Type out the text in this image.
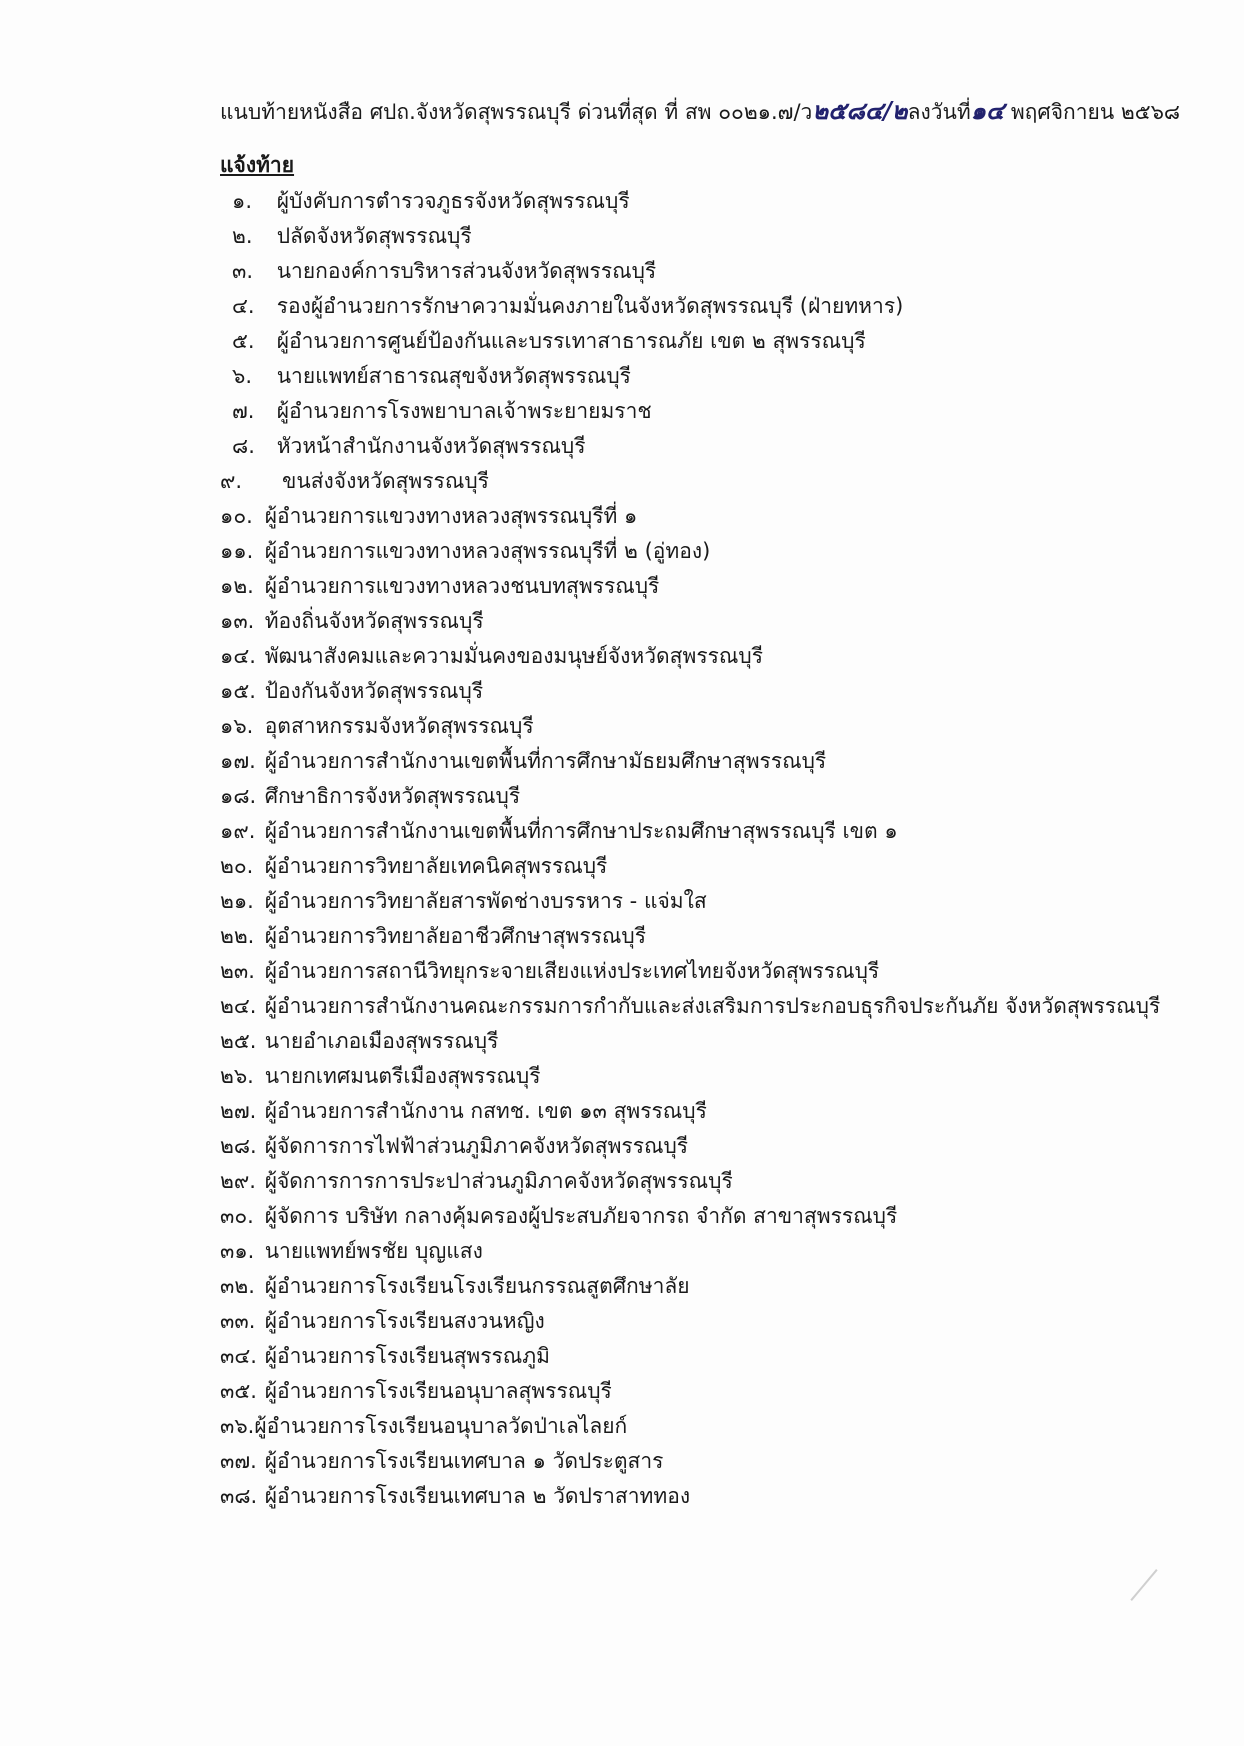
แนบท้ายหนังสือ ศปถ.จังหวัดสุพรรณบุรี ด่วนที่สุด ที่ สพ ๐๐๒๑.๗/ว๒๕๘๔/๒ลงวันที่๑๔ พฤศจิกายน ๒๕๖๘
แจ้งท้าย
๑. ผู้บังคับการตำรวจภูธรจังหวัดสุพรรณบุรี
๒. ปลัดจังหวัดสุพรรณบุรี
๓. นายกองค์การบริหารส่วนจังหวัดสุพรรณบุรี
๔. รองผู้อำนวยการรักษาความมั่นคงภายในจังหวัดสุพรรณบุรี (ฝ่ายทหาร)
๕. ผู้อำนวยการศูนย์ป้องกันและบรรเทาสาธารณภัย เขต ๒ สุพรรณบุรี
๖. นายแพทย์สาธารณสุขจังหวัดสุพรรณบุรี
๗. ผู้อำนวยการโรงพยาบาลเจ้าพระยายมราช
๘. หัวหน้าสำนักงานจังหวัดสุพรรณบุรี
๙. ขนส่งจังหวัดสุพรรณบุรี
๑๐. ผู้อำนวยการแขวงทางหลวงสุพรรณบุรีที่ ๑
๑๑. ผู้อำนวยการแขวงทางหลวงสุพรรณบุรีที่ ๒ (อู่ทอง)
๑๒. ผู้อำนวยการแขวงทางหลวงชนบทสุพรรณบุรี
๑๓. ท้องถิ่นจังหวัดสุพรรณบุรี
๑๔. พัฒนาสังคมและความมั่นคงของมนุษย์จังหวัดสุพรรณบุรี
๑๕. ป้องกันจังหวัดสุพรรณบุรี
๑๖. อุตสาหกรรมจังหวัดสุพรรณบุรี
๑๗. ผู้อำนวยการสำนักงานเขตพื้นที่การศึกษามัธยมศึกษาสุพรรณบุรี
๑๘. ศึกษาธิการจังหวัดสุพรรณบุรี
๑๙. ผู้อำนวยการสำนักงานเขตพื้นที่การศึกษาประถมศึกษาสุพรรณบุรี เขต ๑
๒๐. ผู้อำนวยการวิทยาลัยเทคนิคสุพรรณบุรี
๒๑. ผู้อำนวยการวิทยาลัยสารพัดช่างบรรหาร - แจ่มใส
๒๒. ผู้อำนวยการวิทยาลัยอาชีวศึกษาสุพรรณบุรี
๒๓. ผู้อำนวยการสถานีวิทยุกระจายเสียงแห่งประเทศไทยจังหวัดสุพรรณบุรี
๒๔. ผู้อำนวยการสำนักงานคณะกรรมการกำกับและส่งเสริมการประกอบธุรกิจประกันภัย จังหวัดสุพรรณบุรี
๒๕. นายอำเภอเมืองสุพรรณบุรี
๒๖. นายกเทศมนตรีเมืองสุพรรณบุรี
๒๗. ผู้อำนวยการสำนักงาน กสทช. เขต ๑๓ สุพรรณบุรี
๒๘. ผู้จัดการการไฟฟ้าส่วนภูมิภาคจังหวัดสุพรรณบุรี
๒๙. ผู้จัดการการการประปาส่วนภูมิภาคจังหวัดสุพรรณบุรี
๓๐. ผู้จัดการ บริษัท กลางคุ้มครองผู้ประสบภัยจากรถ จำกัด สาขาสุพรรณบุรี
๓๑. นายแพทย์พรชัย บุญแสง
๓๒. ผู้อำนวยการโรงเรียนโรงเรียนกรรณสูตศึกษาลัย
๓๓. ผู้อำนวยการโรงเรียนสงวนหญิง
๓๔. ผู้อำนวยการโรงเรียนสุพรรณภูมิ
๓๕. ผู้อำนวยการโรงเรียนอนุบาลสุพรรณบุรี
๓๖.ผู้อำนวยการโรงเรียนอนุบาลวัดป่าเลไลยก์
๓๗. ผู้อำนวยการโรงเรียนเทศบาล ๑ วัดประตูสาร
๓๘. ผู้อำนวยการโรงเรียนเทศบาล ๒ วัดปราสาททอง
